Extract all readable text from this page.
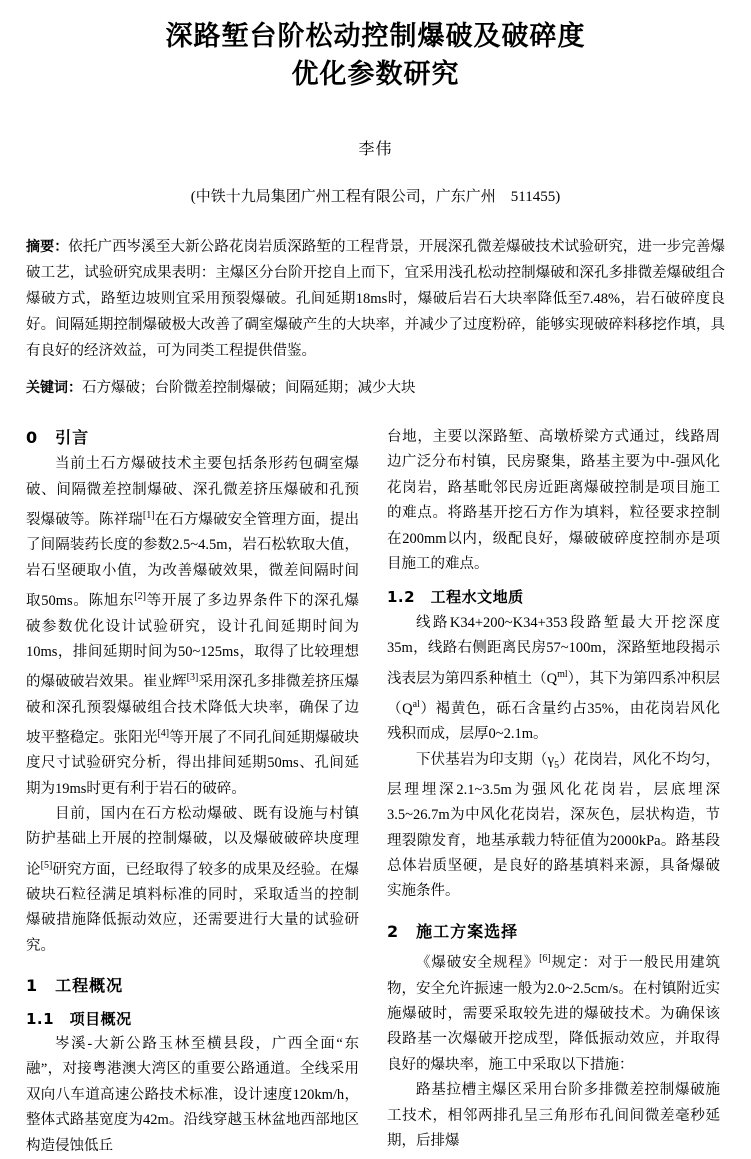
深路堑台阶松动控制爆破及破碎度
优化参数研究
李伟
(中铁十九局集团广州工程有限公司，广东广州　511455)
摘要：依托广西岑溪至大新公路花岗岩质深路堑的工程背景，开展深孔微差爆破技术试验研究，进一步完善爆破工艺，试验研究成果表明：主爆区分台阶开挖自上而下，宜采用浅孔松动控制爆破和深孔多排微差爆破组合爆破方式，路堑边坡则宜采用预裂爆破。孔间延期18ms时，爆破后岩石大块率降低至7.48%，岩石破碎度良好。间隔延期控制爆破极大改善了碉室爆破产生的大块率，并减少了过度粉碎，能够实现破碎料移挖作填，具有良好的经济效益，可为同类工程提供借鉴。
关键词：石方爆破；台阶微差控制爆破；间隔延期；减少大块
0　引言

当前土石方爆破技术主要包括条形药包碉室爆破、间隔微差控制爆破、深孔微差挤压爆破和孔预裂爆破等。陈祥瑞[1]在石方爆破安全管理方面，提出了间隔装药长度的参数2.5~4.5m，岩石松软取大值，岩石坚硬取小值，为改善爆破效果，微差间隔时间取50ms。陈旭东[2]等开展了多边界条件下的深孔爆破参数优化设计试验研究，设计孔间延期时间为10ms，排间延期时间为50~125ms，取得了比较理想的爆破破岩效果。崔业辉[3]采用深孔多排微差挤压爆破和深孔预裂爆破组合技术降低大块率，确保了边坡平整稳定。张阳光[4]等开展了不同孔间延期爆破块度尺寸试验研究分析，得出排间延期50ms、孔间延期为19ms时更有利于岩石的破碎。

目前，国内在石方松动爆破、既有设施与村镇防护基础上开展的控制爆破，以及爆破破碎块度理论[5]研究方面，已经取得了较多的成果及经验。在爆破块石粒径满足填料标准的同时，采取适当的控制爆破措施降低振动效应，还需要进行大量的试验研究。

1　工程概况
1.1　项目概况

岑溪‐大新公路玉林至横县段，广西全面“东融”，对接粤港澳大湾区的重要公路通道。全线采用双向八车道高速公路技术标准，设计速度120km/h，整体式路基宽度为42m。沿线穿越玉林盆地西部地区构造侵蚀低丘

台地，主要以深路堑、高墩桥梁方式通过，线路周边广泛分布村镇，民房聚集，路基主要为中‐强风化花岗岩，路基毗邻民房近距离爆破控制是项目施工的难点。将路基开挖石方作为填料，粒径要求控制在200mm以内，级配良好，爆破破碎度控制亦是项目施工的难点。

1.2　工程水文地质

线路K34+200~K34+353段路堑最大开挖深度35m，线路右侧距离民房57~100m，深路堑地段揭示浅表层为第四系种植土$(Q^{ml})$，其下为第四系冲积层$(Q^{al})$褐黄色，砾石含量约占35%，由花岗岩风化残积而成，层厚0~2.1m。

下伏基岩为印支期$(\gamma_5)$花岗岩，风化不均匀，层理埋深2.1~3.5m为强风化花岗岩，层底埋深3.5~26.7m为中风化花岗岩，深灰色，层状构造，节理裂隙发育，地基承载力特征值为2000kPa。路基段总体岩质坚硬，是良好的路基填料来源，具备爆破实施条件。

2　施工方案选择

《爆破安全规程》[6]规定：对于一般民用建筑物，安全允许振速一般为2.0~2.5cm/s。在村镇附近实施爆破时，需要采取较先进的爆破技术。为确保该段路基一次爆破开挖成型，降低振动效应，并取得良好的爆块率，施工中采取以下措施：

路基拉槽主爆区采用台阶多排微差控制爆破施工技术，相邻两排孔呈三角形布孔间间微差毫秒延期，后排爆
